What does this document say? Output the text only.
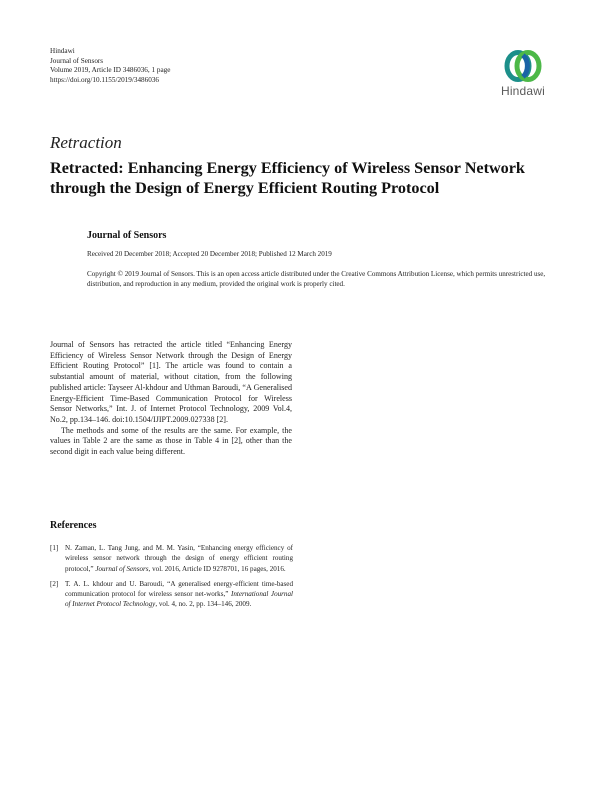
Hindawi
Journal of Sensors
Volume 2019, Article ID 3486036, 1 page
https://doi.org/10.1155/2019/3486036
Hindawi
Retraction
Retracted: Enhancing Energy Efficiency of Wireless Sensor Network through the Design of Energy Efficient Routing Protocol
Journal of Sensors
Received 20 December 2018; Accepted 20 December 2018; Published 12 March 2019
Copyright © 2019 Journal of Sensors. This is an open access article distributed under the Creative Commons Attribution License, which permits unrestricted use, distribution, and reproduction in any medium, provided the original work is properly cited.

Journal of Sensors has retracted the article titled “Enhancing Energy Efficiency of Wireless Sensor Network through the Design of Energy Efficient Routing Protocol” [1]. The article was found to contain a substantial amount of material, without citation, from the following published article: Tayseer Al-khdour and Uthman Baroudi, “A Generalised Energy-Efficient Time-Based Communication Protocol for Wireless Sensor Networks,” Int. J. of Internet Protocol Technology, 2009 Vol.4, No.2, pp.134–146. doi:10.1504/IJIPT.2009.027338 [2].

The methods and some of the results are the same. For example, the values in Table 2 are the same as those in Table 4 in [2], other than the second digit in each value being different.

References
[1] N. Zaman, L. Tang Jung, and M. M. Yasin, “Enhancing energy efficiency of wireless sensor network through the design of energy efficient routing protocol,” Journal of Sensors, vol. 2016, Article ID 9278701, 16 pages, 2016.
[2] T. A. L. khdour and U. Baroudi, “A generalised energy-efficient time-based communication protocol for wireless sensor net-works,” International Journal of Internet Protocol Technology, vol. 4, no. 2, pp. 134–146, 2009.
